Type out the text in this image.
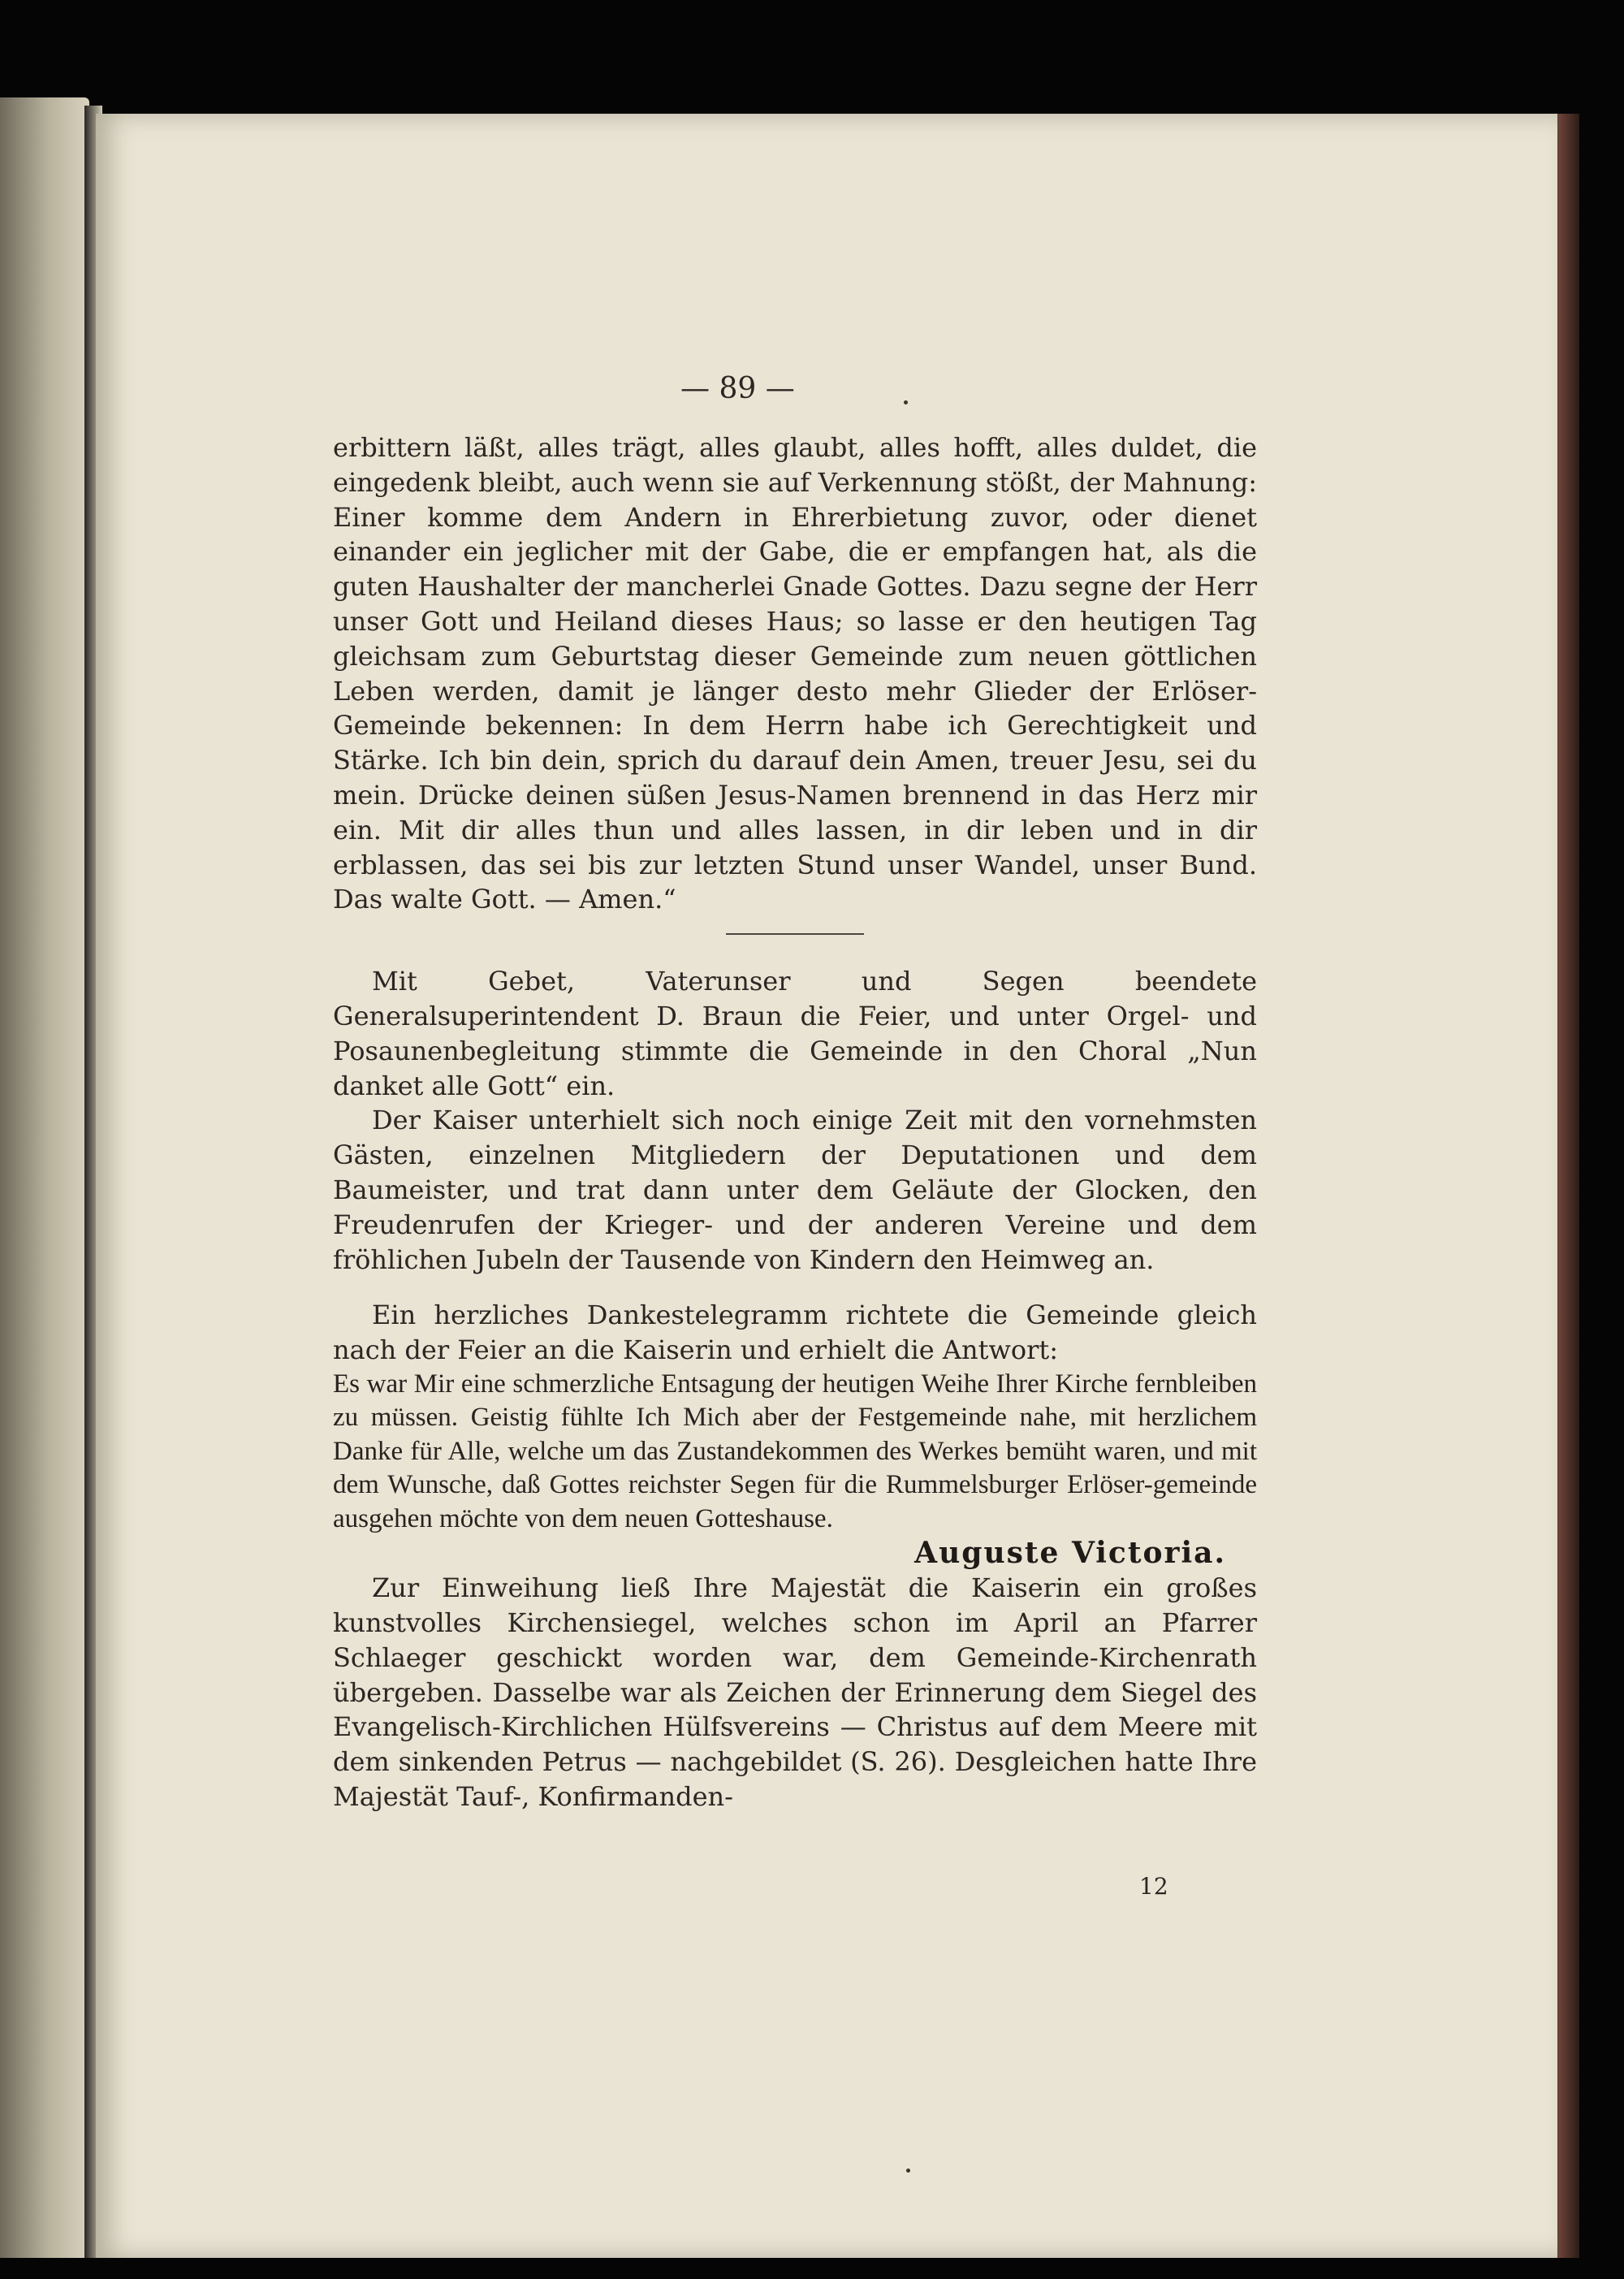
— 89 —

erbittern läßt, alles trägt, alles glaubt, alles hofft, alles duldet, die eingedenk bleibt, auch wenn sie auf Verkennung stößt, der Mahnung: Einer komme dem Andern in Ehrerbietung zuvor, oder dienet einander ein jeglicher mit der Gabe, die er empfangen hat, als die guten Haushalter der mancherlei Gnade Gottes. Dazu segne der Herr unser Gott und Heiland dieses Haus; so lasse er den heutigen Tag gleichsam zum Geburtstag dieser Gemeinde zum neuen göttlichen Leben werden, damit je länger desto mehr Glieder der Erlöser-Gemeinde bekennen: In dem Herrn habe ich Gerechtigkeit und Stärke. Ich bin dein, sprich du darauf dein Amen, treuer Jesu, sei du mein. Drücke deinen süßen Jesus-Namen brennend in das Herz mir ein. Mit dir alles thun und alles lassen, in dir leben und in dir erblassen, das sei bis zur letzten Stund unser Wandel, unser Bund. Das walte Gott. — Amen.“

Mit Gebet, Vaterunser und Segen beendete Generalsuperintendent D. Braun die Feier, und unter Orgel- und Posaunenbegleitung stimmte die Gemeinde in den Choral „Nun danket alle Gott“ ein.

Der Kaiser unterhielt sich noch einige Zeit mit den vornehmsten Gästen, einzelnen Mitgliedern der Deputationen und dem Baumeister, und trat dann unter dem Geläute der Glocken, den Freudenrufen der Krieger- und der anderen Vereine und dem fröhlichen Jubeln der Tausende von Kindern den Heimweg an.

Ein herzliches Dankestelegramm richtete die Gemeinde gleich nach der Feier an die Kaiserin und erhielt die Antwort:

Es war Mir eine schmerzliche Entsagung der heutigen Weihe Ihrer Kirche fernbleiben zu müssen. Geistig fühlte Ich Mich aber der Festgemeinde nahe, mit herzlichem Danke für Alle, welche um das Zustandekommen des Werkes bemüht waren, und mit dem Wunsche, daß Gottes reichster Segen für die Rummelsburger Erlöser-gemeinde ausgehen möchte von dem neuen Gotteshause.

Auguste Victoria.

Zur Einweihung ließ Ihre Majestät die Kaiserin ein großes kunstvolles Kirchensiegel, welches schon im April an Pfarrer Schlaeger geschickt worden war, dem Gemeinde-Kirchenrath übergeben. Dasselbe war als Zeichen der Erinnerung dem Siegel des Evangelisch-Kirchlichen Hülfsvereins — Christus auf dem Meere mit dem sinkenden Petrus — nachgebildet (S. 26). Desgleichen hatte Ihre Majestät Tauf-, Konfirmanden-

12
